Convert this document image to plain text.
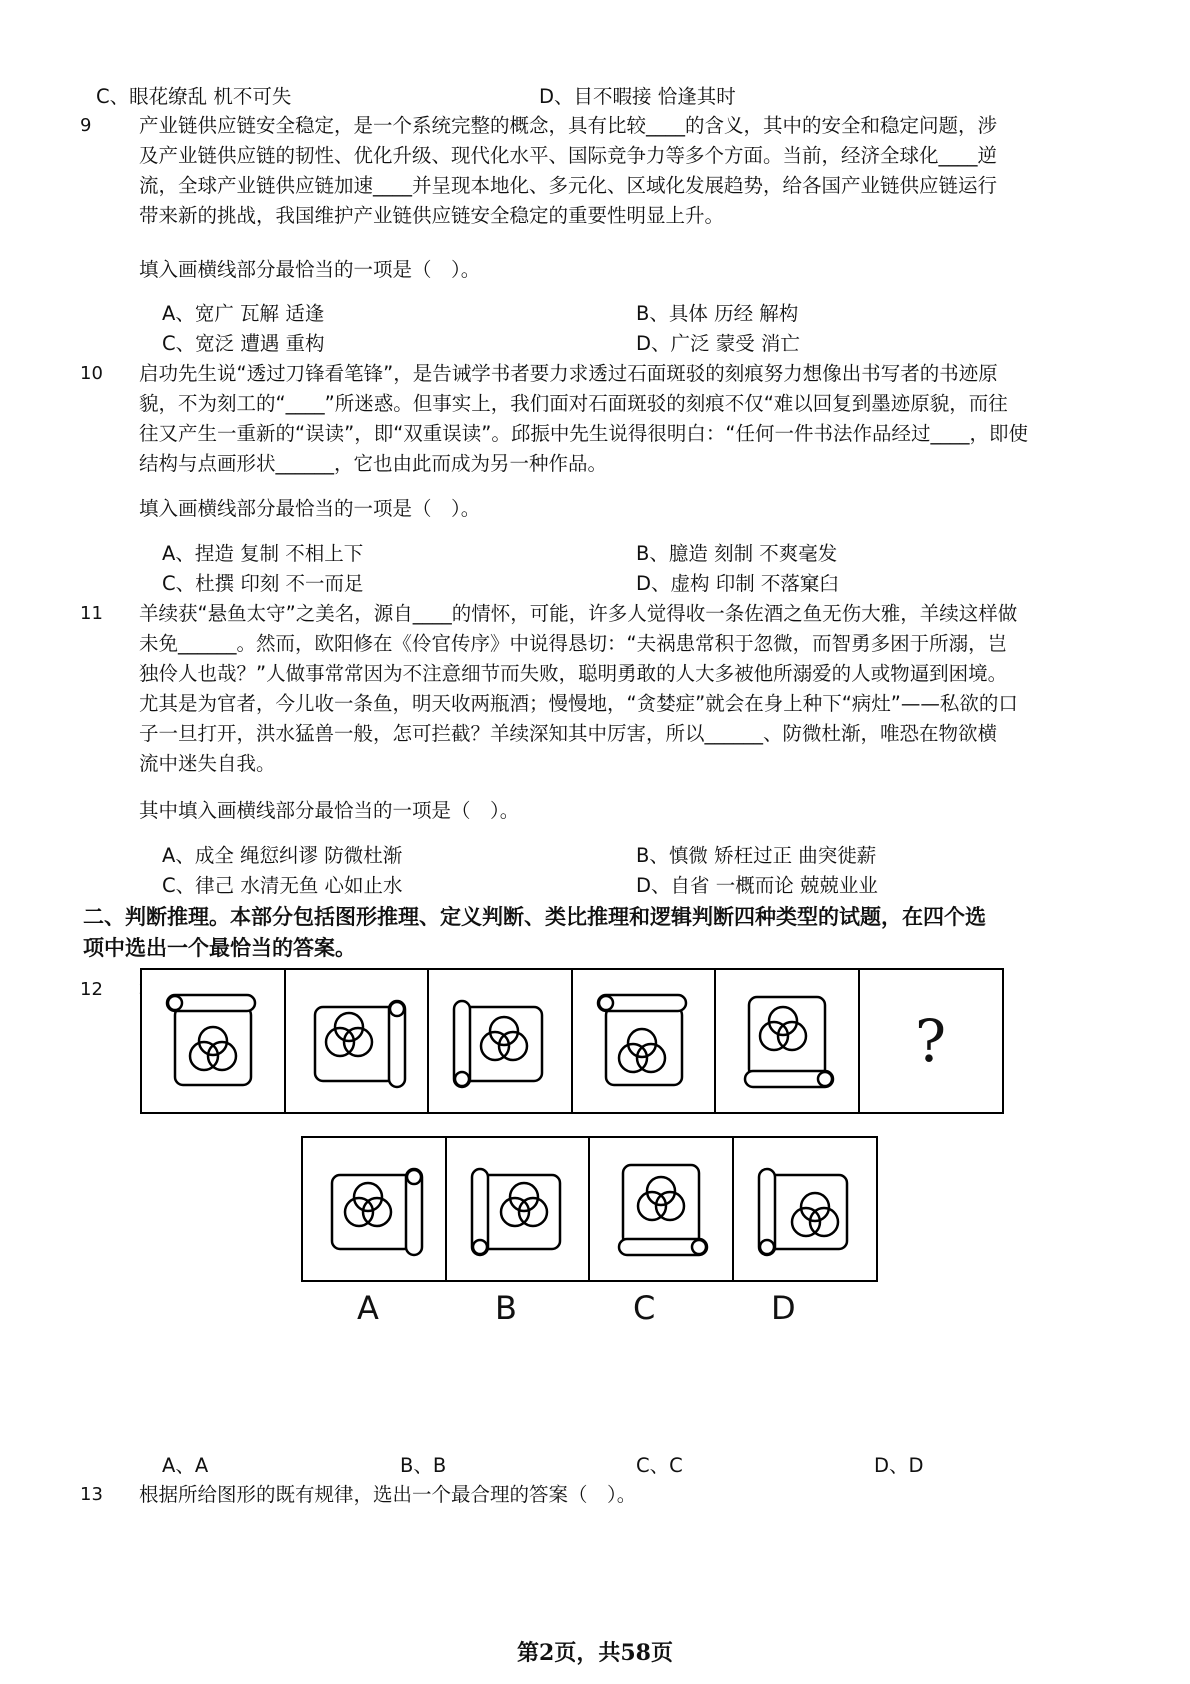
C、眼花缭乱 机不可失	D、目不暇接 恰逢其时
9 产业链供应链安全稳定，是一个系统完整的概念，具有比较____的含义，其中的安全和稳定问题，涉
及产业链供应链的韧性、优化升级、现代化水平、国际竞争力等多个方面。当前，经济全球化____逆
流，全球产业链供应链加速____并呈现本地化、多元化、区域化发展趋势，给各国产业链供应链运行
带来新的挑战，我国维护产业链供应链安全稳定的重要性明显上升。
填入画横线部分最恰当的一项是（　）。
A、宽广 瓦解 适逢	B、具体 历经 解构
C、宽泛 遭遇 重构	D、广泛 蒙受 消亡
10 启功先生说“透过刀锋看笔锋”，是告诫学书者要力求透过石面斑驳的刻痕努力想像出书写者的书迹原
貌，不为刻工的“____”所迷惑。但事实上，我们面对石面斑驳的刻痕不仅“难以回复到墨迹原貌，而往
往又产生一重新的“误读”，即“双重误读”。邱振中先生说得很明白：“任何一件书法作品经过____，即使
结构与点画形状______，它也由此而成为另一种作品。
填入画横线部分最恰当的一项是（　）。
A、捏造 复制 不相上下	B、臆造 刻制 不爽毫发
C、杜撰 印刻 不一而足	D、虚构 印制 不落窠臼
11 羊续获“悬鱼太守”之美名，源自____的情怀，可能，许多人觉得收一条佐酒之鱼无伤大雅，羊续这样做
未免______。然而，欧阳修在《伶官传序》中说得恳切：“夫祸患常积于忽微，而智勇多困于所溺，岂
独伶人也哉？”人做事常常因为不注意细节而失败，聪明勇敢的人大多被他所溺爱的人或物逼到困境。
尤其是为官者，今儿收一条鱼，明天收两瓶酒；慢慢地，“贪婪症”就会在身上种下“病灶”——私欲的口
子一旦打开，洪水猛兽一般，怎可拦截？羊续深知其中厉害，所以______、防微杜渐，唯恐在物欲横
流中迷失自我。
其中填入画横线部分最恰当的一项是（　）。
A、成全 绳愆纠谬 防微杜渐	B、慎微 矫枉过正 曲突徙薪
C、律己 水清无鱼 心如止水	D、自省 一概而论 兢兢业业
二、判断推理。本部分包括图形推理、定义判断、类比推理和逻辑判断四种类型的试题，在四个选
项中选出一个最恰当的答案。
12
?
A	B	C	D
A、A	B、B	C、C	D、D
13 根据所给图形的既有规律，选出一个最合理的答案（　）。
第2页，共58页
